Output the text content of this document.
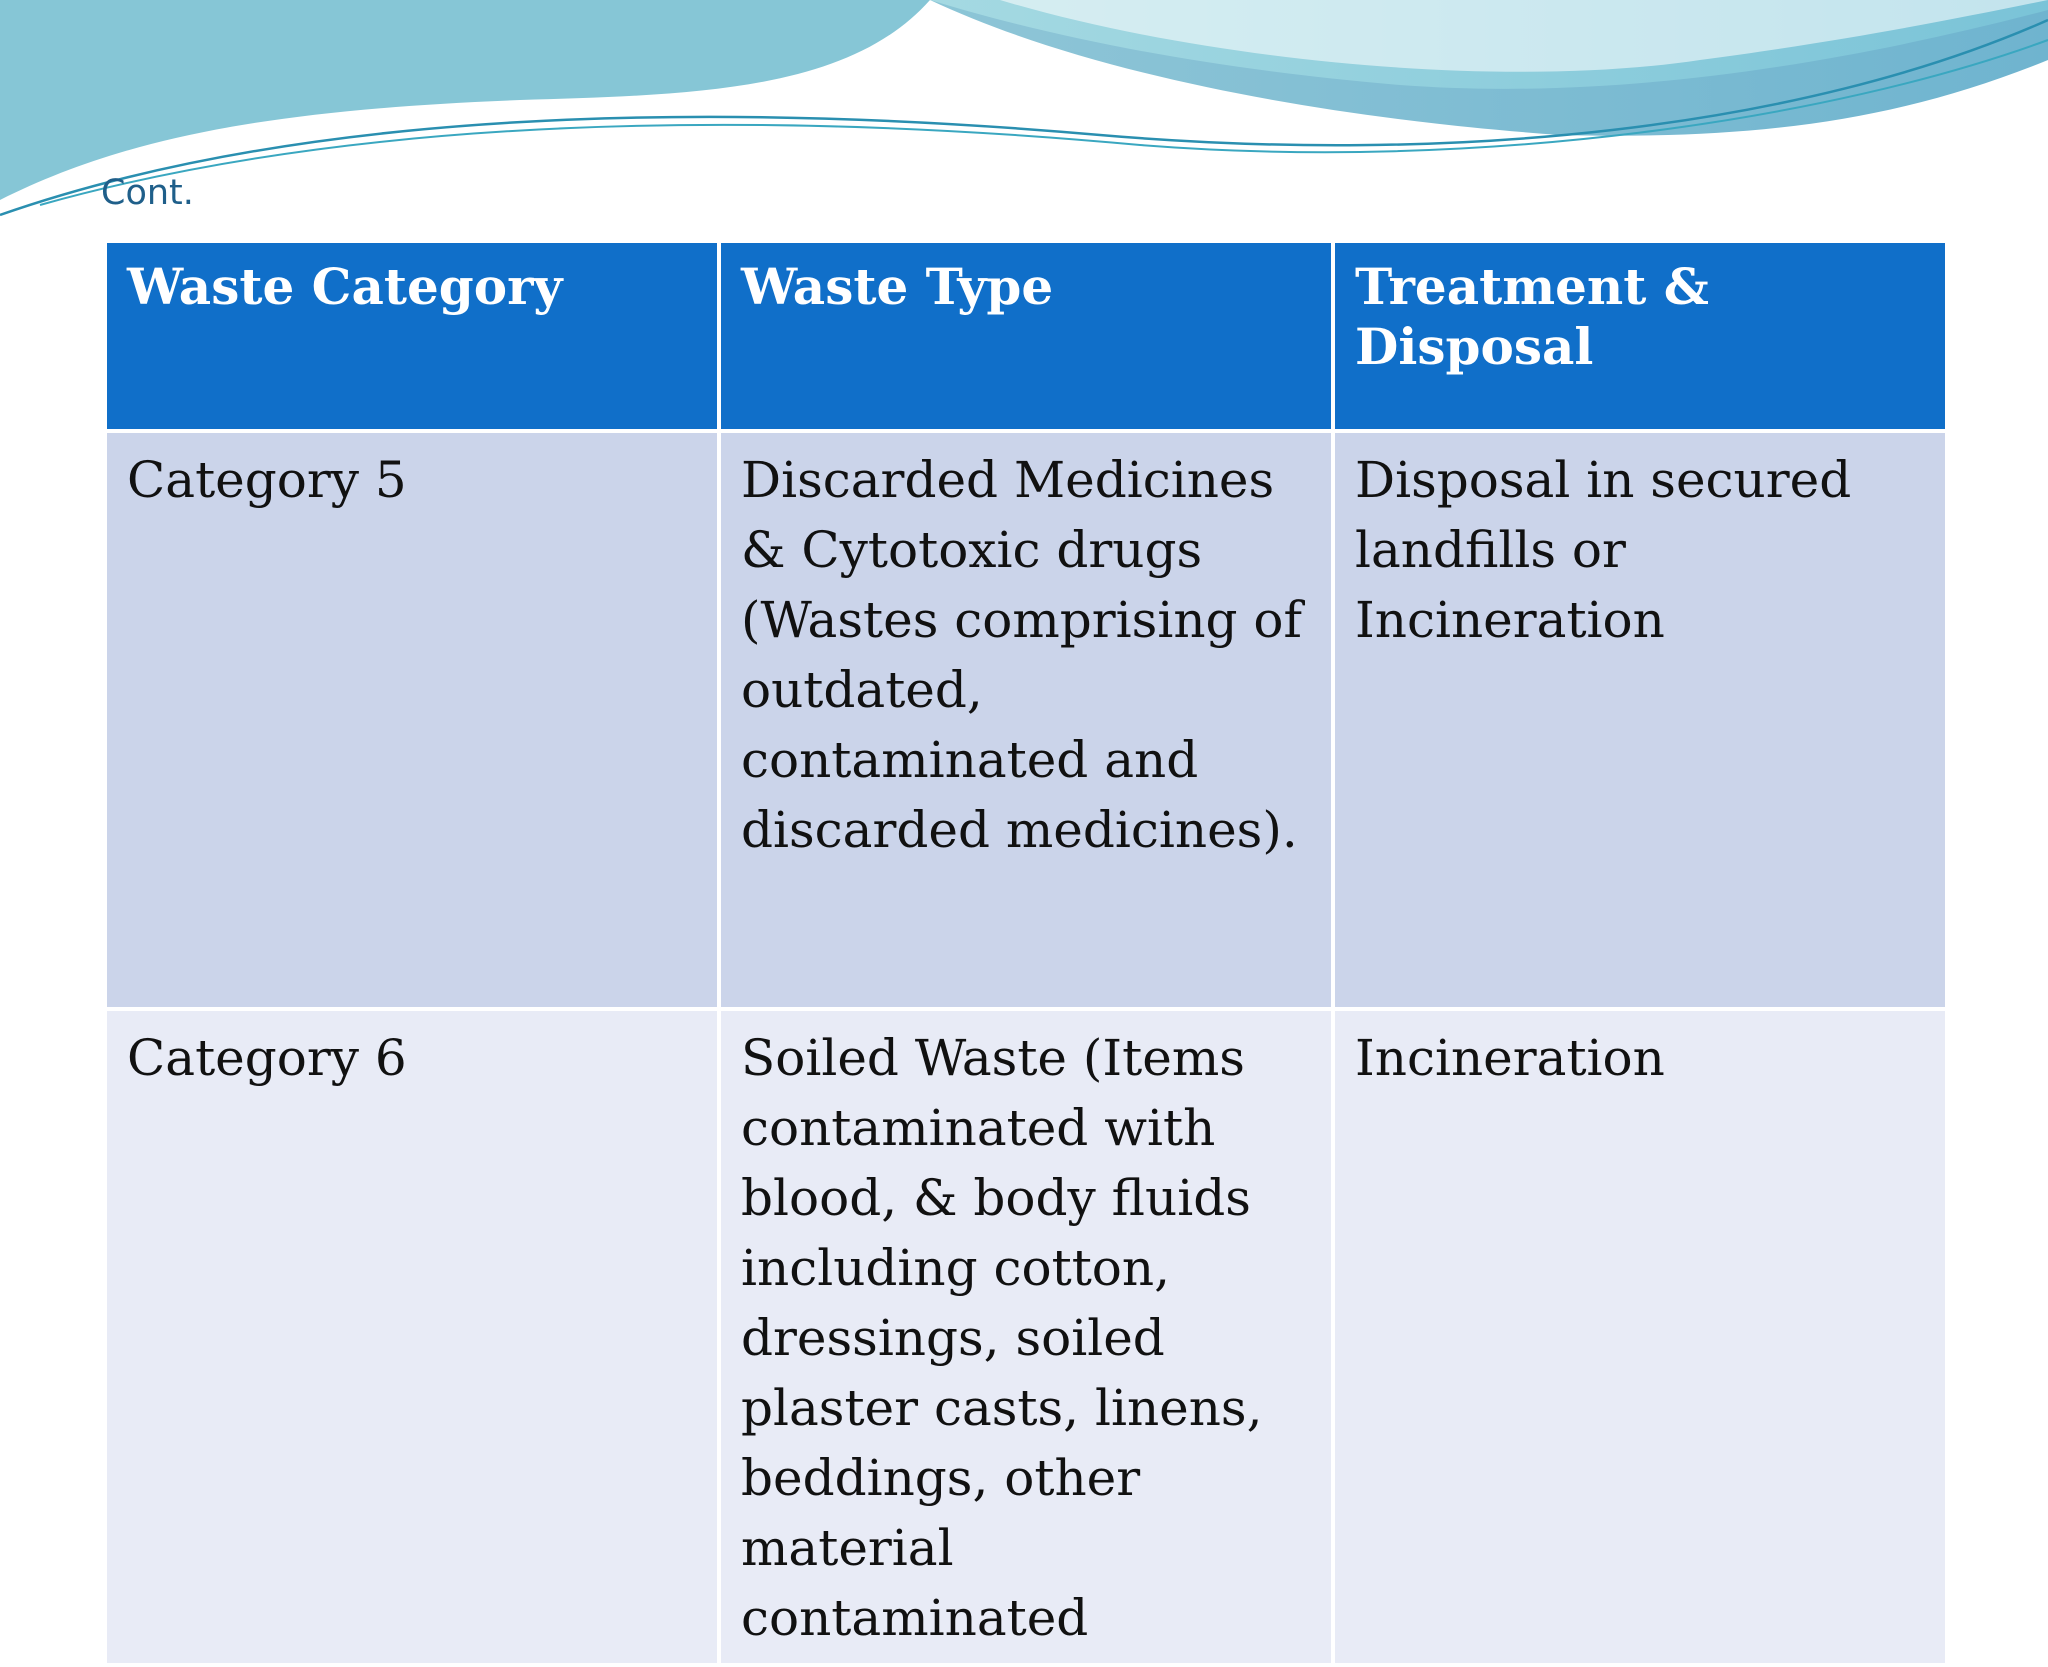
Cont.
Waste Category	Waste Type	Treatment & Disposal
Category 5	Discarded Medicines & Cytotoxic drugs (Wastes comprising of outdated, contaminated and discarded medicines).	Disposal in secured landfills or Incineration
Category 6	Soiled Waste (Items contaminated with blood, & body fluids including cotton, dressings, soiled plaster casts, linens, beddings, other material contaminated	Incineration
